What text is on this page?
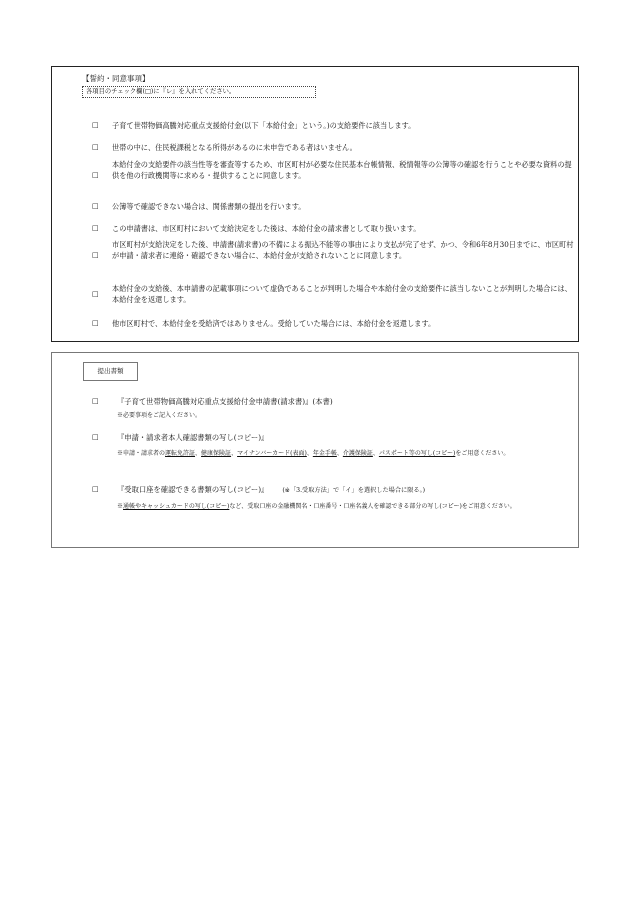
【誓約・同意事項】
各項目のチェック欄(□)に『レ』を入れてください。
□ 子育て世帯物価高騰対応重点支援給付金(以下「本給付金」という。)の支給要件に該当します。
□ 世帯の中に、住民税課税となる所得があるのに未申告である者はいません。
□
本給付金の支給要件の該当性等を審査等するため、市区町村が必要な住民基本台帳情報、税情報等の公簿等の確認を行うことや必要な資料の提供を他の行政機関等に求める・提供することに同意します。
□ 公簿等で確認できない場合は、関係書類の提出を行います。
□ この申請書は、市区町村において支給決定をした後は、本給付金の請求書として取り扱います。
□
市区町村が支給決定をした後、申請書(請求書)の不備による振込不能等の事由により支払が完了せず、かつ、令和6年8月30日までに、市区町村が申請・請求者に連絡・確認できない場合に、本給付金が支給されないことに同意します。
□
本給付金の支給後、本申請書の記載事項について虚偽であることが判明した場合や本給付金の支給要件に該当しないことが判明した場合には、本給付金を返還します。
□ 他市区町村で、本給付金を受給済ではありません。受給していた場合には、本給付金を返還します。
提出書類
□	『子育て世帯物価高騰対応重点支援給付金申請書(請求書)』(本書)
※必要事項をご記入ください。
□	『申請・請求者本人確認書類の写し(コピー)』
※申請・請求者の運転免許証、健康保険証、マイナンバーカード(表面)、年金手帳、介護保険証、パスポート等の写し(コピー)をご用意ください。
□	『受取口座を確認できる書類の写し(コピー)』 (※「3.受取方法」で「イ」を選択した場合に限る。)
※通帳やキャッシュカードの写し(コピー)など、受取口座の金融機関名・口座番号・口座名義人を確認できる部分の写し(コピー)をご用意ください。
